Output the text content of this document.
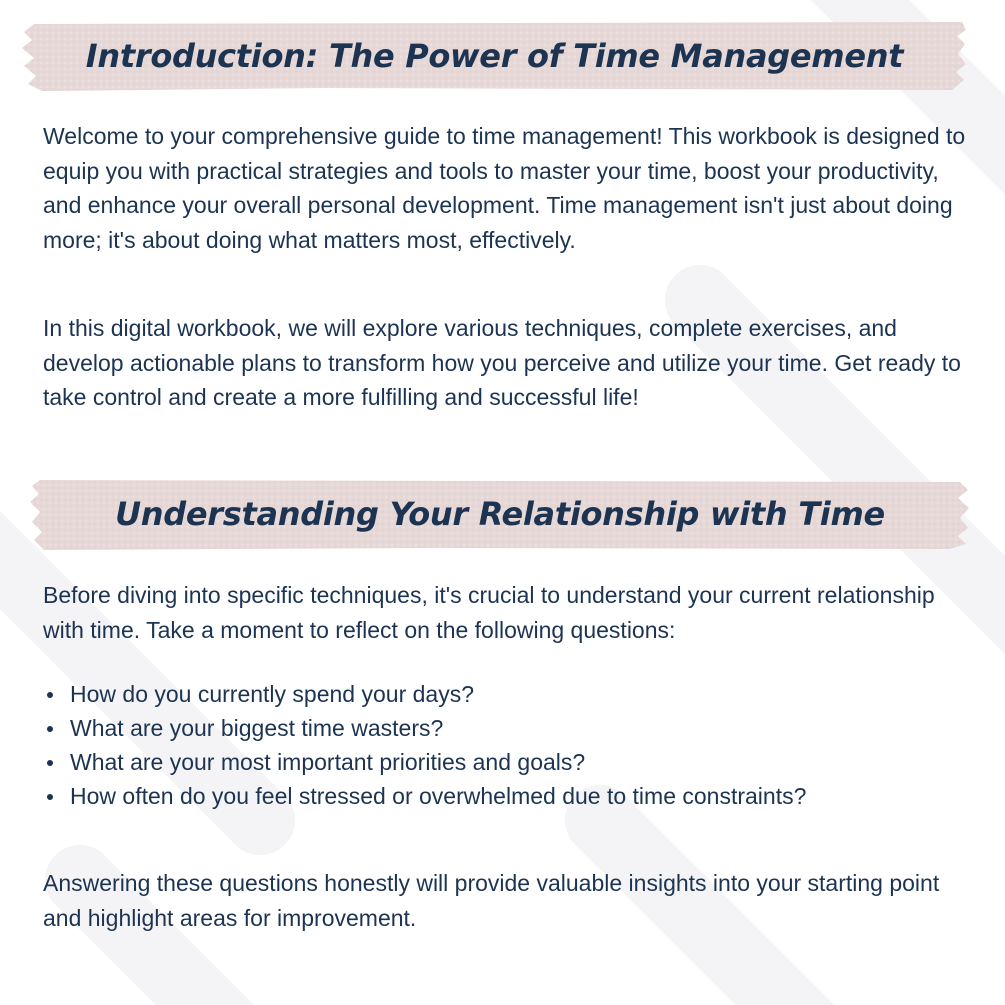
Introduction: The Power of Time Management

Welcome to your comprehensive guide to time management! This workbook is designed to equip you with practical strategies and tools to master your time, boost your productivity, and enhance your overall personal development. Time management isn't just about doing more; it's about doing what matters most, effectively.

In this digital workbook, we will explore various techniques, complete exercises, and develop actionable plans to transform how you perceive and utilize your time. Get ready to take control and create a more fulfilling and successful life!

Understanding Your Relationship with Time

Before diving into specific techniques, it's crucial to understand your current relationship with time. Take a moment to reflect on the following questions:

How do you currently spend your days?
What are your biggest time wasters?
What are your most important priorities and goals?
How often do you feel stressed or overwhelmed due to time constraints?

Answering these questions honestly will provide valuable insights into your starting point and highlight areas for improvement.
